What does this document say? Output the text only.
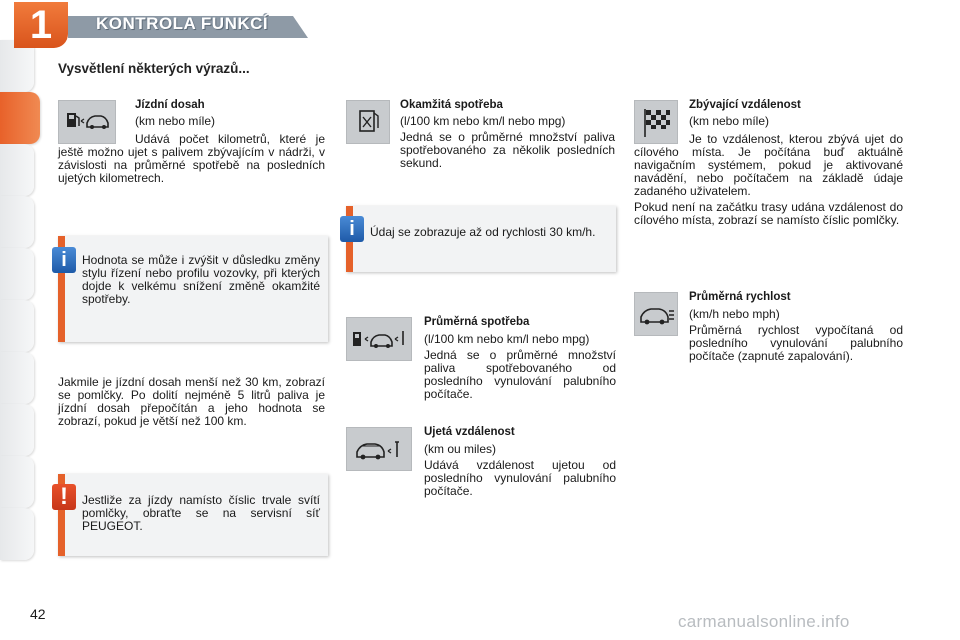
1	KONTROLA FUNKCÍ
Vysvětlení některých výrazů...

Jízdní dosah

(km nebo míle)

Udává počet kilometrů, které je ještě možno ujet s palivem zbývajícím v nádrži, v závislosti na průměrné spotřebě na posledních ujetých kilometrech.

Hodnota se může i zvýšit v důsledku změny stylu řízení nebo profilu vozovky, při kterých dojde k velkému snížení změně okamžité spotřeby.

i

Jakmile je jízdní dosah menší než 30 km, zobrazí se pomlčky. Po dolití nejméně 5 litrů paliva je jízdní dosah přepočítán a jeho hodnota se zobrazí, pokud je větší než 100 km.

Jestliže za jízdy namísto číslic trvale svítí pomlčky, obraťte se na servisní síť PEUGEOT.

!

Okamžitá spotřeba

(l/100 km nebo km/l nebo mpg)

Jedná se o průměrné množství paliva spotřebovaného za několik posledních sekund.

Údaj se zobrazuje až od rychlosti 30 km/h.

i

Průměrná spotřeba

(l/100 km nebo km/l nebo mpg)

Jedná se o průměrné množství paliva spotřebovaného od posledního vynulování palubního počítače.

Ujetá vzdálenost

(km ou miles)

Udává vzdálenost ujetou od posledního vynulování palubního počítače.

Zbývající vzdálenost

(km nebo míle)

Je to vzdálenost, kterou zbývá ujet do cílového místa. Je počítána buď aktuálně navigačním systémem, pokud je aktivované navádění, nebo počítačem na základě údaje zadaného uživatelem.

Pokud není na začátku trasy udána vzdálenost do cílového místa, zobrazí se namísto číslic pomlčky.

Průměrná rychlost

(km/h nebo mph)

Průměrná rychlost vypočítaná od posledního vynulování palubního počítače (zapnuté zapalování).

42	carmanualsonline.info
